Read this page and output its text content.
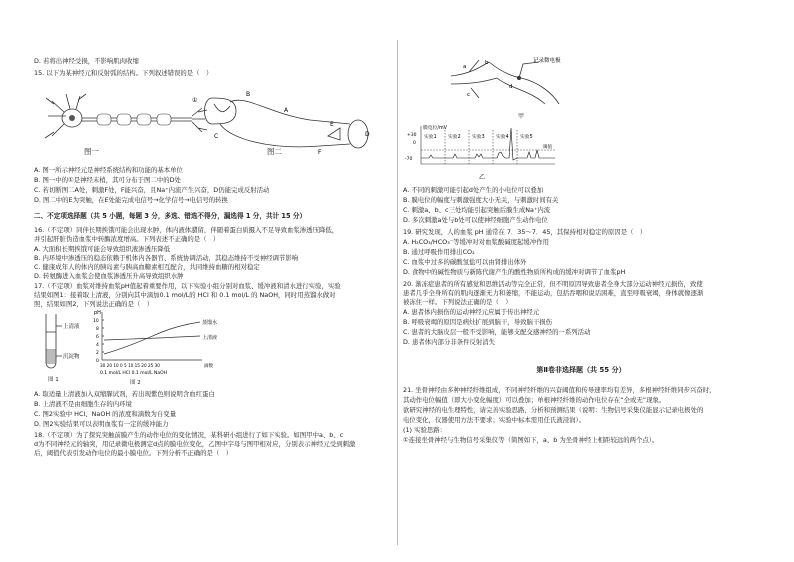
D. 若将出神经受损，不影响肌肉收缩
15. 以下为某神经元和反射弧的结构。下列叙述错误的是（　）
①
图一
B
A
C
E
F
D
图二
A. 图一所示神经元是神经系统结构和功能的基本单位
B. 图一中的①是神经末梢，其可分布于图二中的D处
C. 若切断图二A处，刺激F处，F能兴奋，且Na⁺内流产生兴奋，D仍能完成反射活动
D. 图二中的E为突触，在E处能完成电信号→化学信号→电信号的转换
二、不定项选择题（共 5 小题，每题 3 分，多选、错选不得分，漏选得 1 分，共计 15 分）
16.（不定项）同伴长期挨饿可能会出现水肿，体内液体潴留，伴随着蛋白质摄入不足导致血浆渗透压降低，
并引起肝脏伪造血浆中转酶浓度增高。下列表述不正确的是（　）
A. 大面积长期挨饿可能会导致组织液渗透压降低
B. 内环境中渗透压的稳态依赖于机体内各器官、系统协调活动，其稳态维持不受神经调节影响
C. 健康成年人的体内的胰岛素与胰高血糖素相互配合，共同维持血糖的相对稳定
D. 转氨酶进入血浆会使血浆渗透压升高导致组织水肿
17.（不定项）血浆对维持血浆pH值起着重要作用，以下实验小组分别对血浆、缓冲液和清水进行实验，实验
结果如图1：接着取上清液，分别向其中滴加0.1 mol/L的 HCl 和 0.1 mol/L 的 NaOH，同时用蒸馏水做对
照，结果如图2，下列说法正确的是（　）
上清液
沉淀物
图 1
pH
10
8
6
4
2
0
蒸馏水
上清液
30 20 10 0 5 10 15 20 25 30	滴数
0.1 mol/L HCl 0.1 mol/L NaOH
图 2
A. 取适量上清液加入双缩脲试剂，若出现紫色则说明含血红蛋白
B. 上清液不是由细胞生存的内环境
C. 图2实验中 HCl、NaOH 的浓度和滴数为自变量
D. 图2实验结果可以表明血浆有一定的缓冲能力
18.（不定项）为了探究突触前膜产生的动作电位的变化情况，某科研小组进行了如下实验。如图甲中a、b、c
d为不同神经元的轴突，用记录微电极测定d点的膜电位变化，乙图中字母与图甲相对应，分别表示神经元受到刺激
后，阈值代表引发动作电位的最小膜电位。下列分析不正确的是（　）
记录微电极
a
b
c
d
甲
膜电位/mV
+30
0
-70
实验1 实验2 实验3 实验4 实验5
阈值
乙
A. 不同的刺激可能引起d处产生的小电位可以叠加
B. 膜电位的幅度与刺激强度大小无关，与刺激时间有关
C. 刺激a、b、c三处均能引起突触后膜生成Na⁺内流
D. 多次刺激a处与b处可以使神经细胞产生动作电位
19. 研究发现，人的血浆 pH 通常在 7．35～7．45，其保持相对稳定的原因是（　）
A. H₂CO₃/HCO₃⁻等缓冲对对血浆酸碱度起缓冲作用
B. 通过呼吸作用排出CO₂
C. 血浆中过多的碳酸氢盐可以由肾排出体外
D. 食物中的碱性物质与新陈代谢产生的酸性物质所构成的缓冲对调节了血浆pH
20. 渐冻症患者的所有感觉和思维活动等完全正常，但不明原因导致患者全身大部分运动神经元损伤，致使
患者几乎全身所有的肌肉逐渐无力和萎缩，不能运动，包括吞咽和说话困难，直至呼吸衰竭，身体就像逐渐
被冻住一样。下列说法正确的是（　）
A. 患者体内损伤的运动神经元应属于传出神经元
B. 呼吸衰竭的原因是病灶扩展到脑干，导致脑干损伤
C. 患者的大脑皮层一般不受影响，能够支配交感神经的一系列活动
D. 患者体内部分非条件反射消失
第Ⅱ卷非选择题（共 55 分）
21. 坐骨神经由多种神经纤维组成，不同神经纤维的兴奋阈值和传导速率均有差异，多根神经纤维同步兴奋时，
其动作电位幅值（即大小变化幅度）可以叠加；单根神经纤维的动作电位存在“全或无”现象。
欲研究神经的电生理特性，请完善实验思路，分析和预测结果（说明：生物信号采集仪能显示记录电极处的
电位变化，仪器使用方法不要求；实验中标本需用任氏液浸润）。
(1) 实验思路：
①连接坐骨神经与生物信号采集仪等（简图如下，a、b 为坐骨神经上相距较远的两个点）。
